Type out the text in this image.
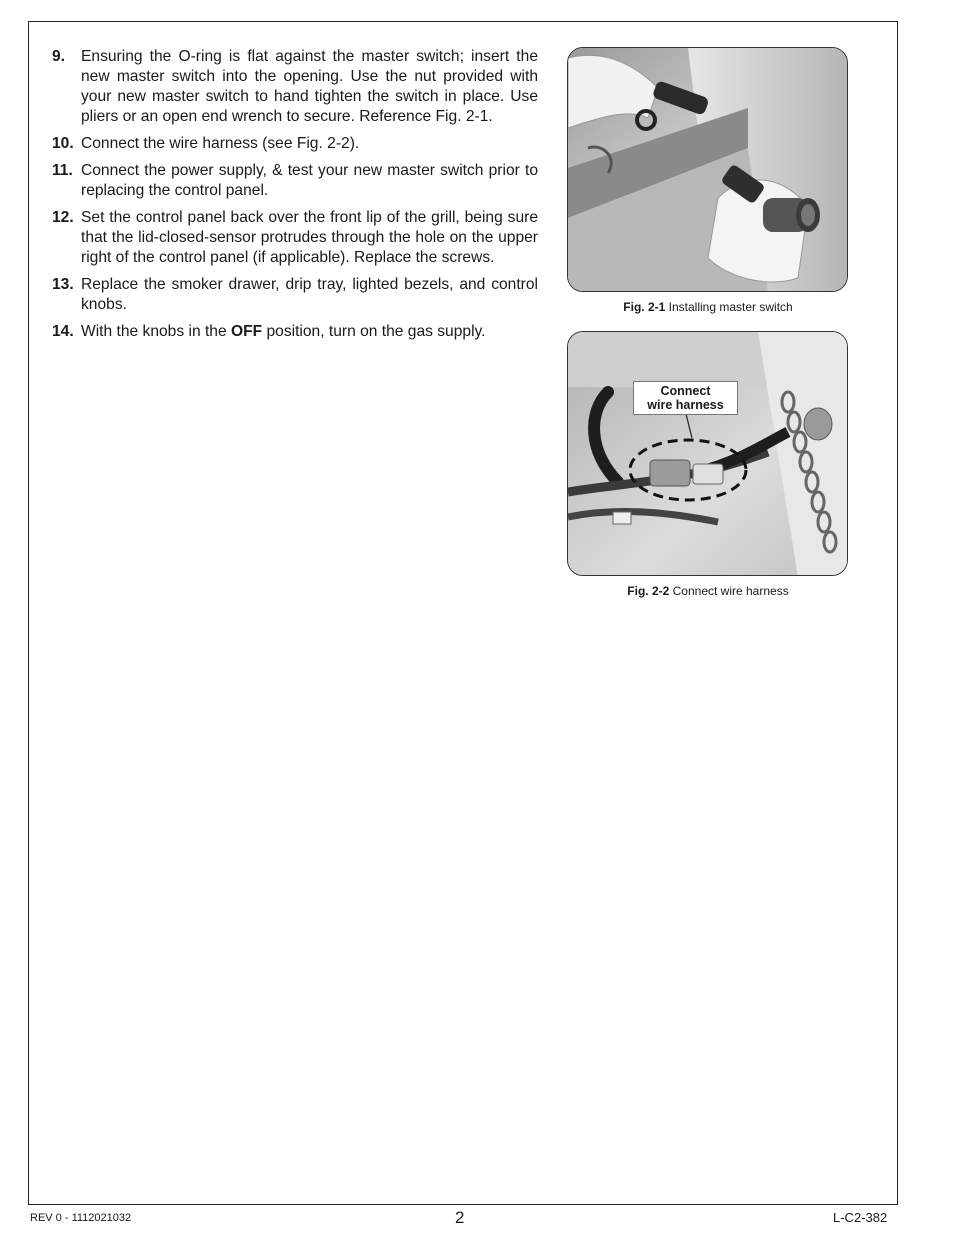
9. Ensuring the O-ring is flat against the master switch; insert the new master switch into the opening. Use the nut provided with your new master switch to hand tighten the switch in place. Use pliers or an open end wrench to secure. Reference Fig. 2-1.
10. Connect the wire harness (see Fig. 2-2).
11. Connect the power supply, & test your new master switch prior to replacing the control panel.
12. Set the control panel back over the front lip of the grill, being sure that the lid-closed-sensor protrudes through the hole on the upper right of the control panel (if applicable). Replace the screws.
13. Replace the smoker drawer, drip tray, lighted bezels, and control knobs.
14. With the knobs in the OFF position, turn on the gas supply.
Fig. 2-1 Installing master switch
Connect
wire harness
Fig. 2-2 Connect wire harness
REV 0 - 1112021032	2	L-C2-382
